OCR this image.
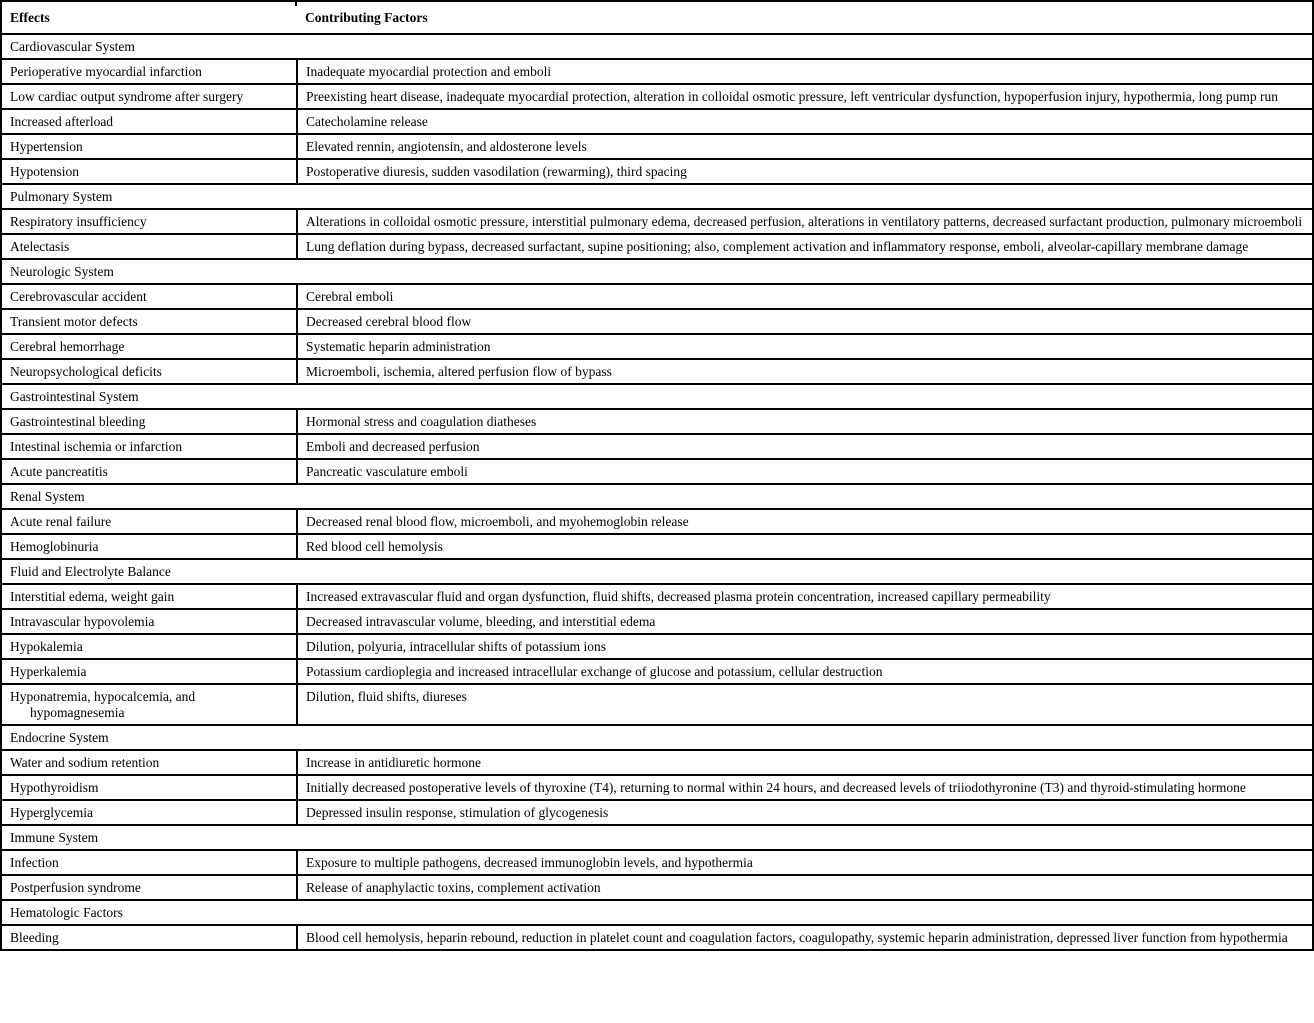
Effects	Contributing Factors
Cardiovascular System	
Perioperative myocardial infarction	Inadequate myocardial protection and emboli
Low cardiac output syndrome after surgery	Preexisting heart disease, inadequate myocardial protection, alteration in colloidal osmotic pressure, left ventricular dysfunction, hypoperfusion injury, hypothermia, long pump run
Increased afterload	Catecholamine release
Hypertension	Elevated rennin, angiotensin, and aldosterone levels
Hypotension	Postoperative diuresis, sudden vasodilation (rewarming), third spacing
Pulmonary System	
Respiratory insufficiency	Alterations in colloidal osmotic pressure, interstitial pulmonary edema, decreased perfusion, alterations in ventilatory patterns, decreased surfactant production, pulmonary microemboli
Atelectasis	Lung deflation during bypass, decreased surfactant, supine positioning; also, complement activation and inflammatory response, emboli, alveolar-capillary membrane damage
Neurologic System	
Cerebrovascular accident	Cerebral emboli
Transient motor defects	Decreased cerebral blood flow
Cerebral hemorrhage	Systematic heparin administration
Neuropsychological deficits	Microemboli, ischemia, altered perfusion flow of bypass
Gastrointestinal System	
Gastrointestinal bleeding	Hormonal stress and coagulation diatheses
Intestinal ischemia or infarction	Emboli and decreased perfusion
Acute pancreatitis	Pancreatic vasculature emboli
Renal System	
Acute renal failure	Decreased renal blood flow, microemboli, and myohemoglobin release
Hemoglobinuria	Red blood cell hemolysis
Fluid and Electrolyte Balance	
Interstitial edema, weight gain	Increased extravascular fluid and organ dysfunction, fluid shifts, decreased plasma protein concentration, increased capillary permeability
Intravascular hypovolemia	Decreased intravascular volume, bleeding, and interstitial edema
Hypokalemia	Dilution, polyuria, intracellular shifts of potassium ions
Hyperkalemia	Potassium cardioplegia and increased intracellular exchange of glucose and potassium, cellular destruction
Hyponatremia, hypocalcemia, and hypomagnesemia	Dilution, fluid shifts, diureses
Endocrine System	
Water and sodium retention	Increase in antidiuretic hormone
Hypothyroidism	Initially decreased postoperative levels of thyroxine (T4), returning to normal within 24 hours, and decreased levels of triiodothyronine (T3) and thyroid-stimulating hormone
Hyperglycemia	Depressed insulin response, stimulation of glycogenesis
Immune System	
Infection	Exposure to multiple pathogens, decreased immunoglobin levels, and hypothermia
Postperfusion syndrome	Release of anaphylactic toxins, complement activation
Hematologic Factors	
Bleeding	Blood cell hemolysis, heparin rebound, reduction in platelet count and coagulation factors, coagulopathy, systemic heparin administration, depressed liver function from hypothermia
